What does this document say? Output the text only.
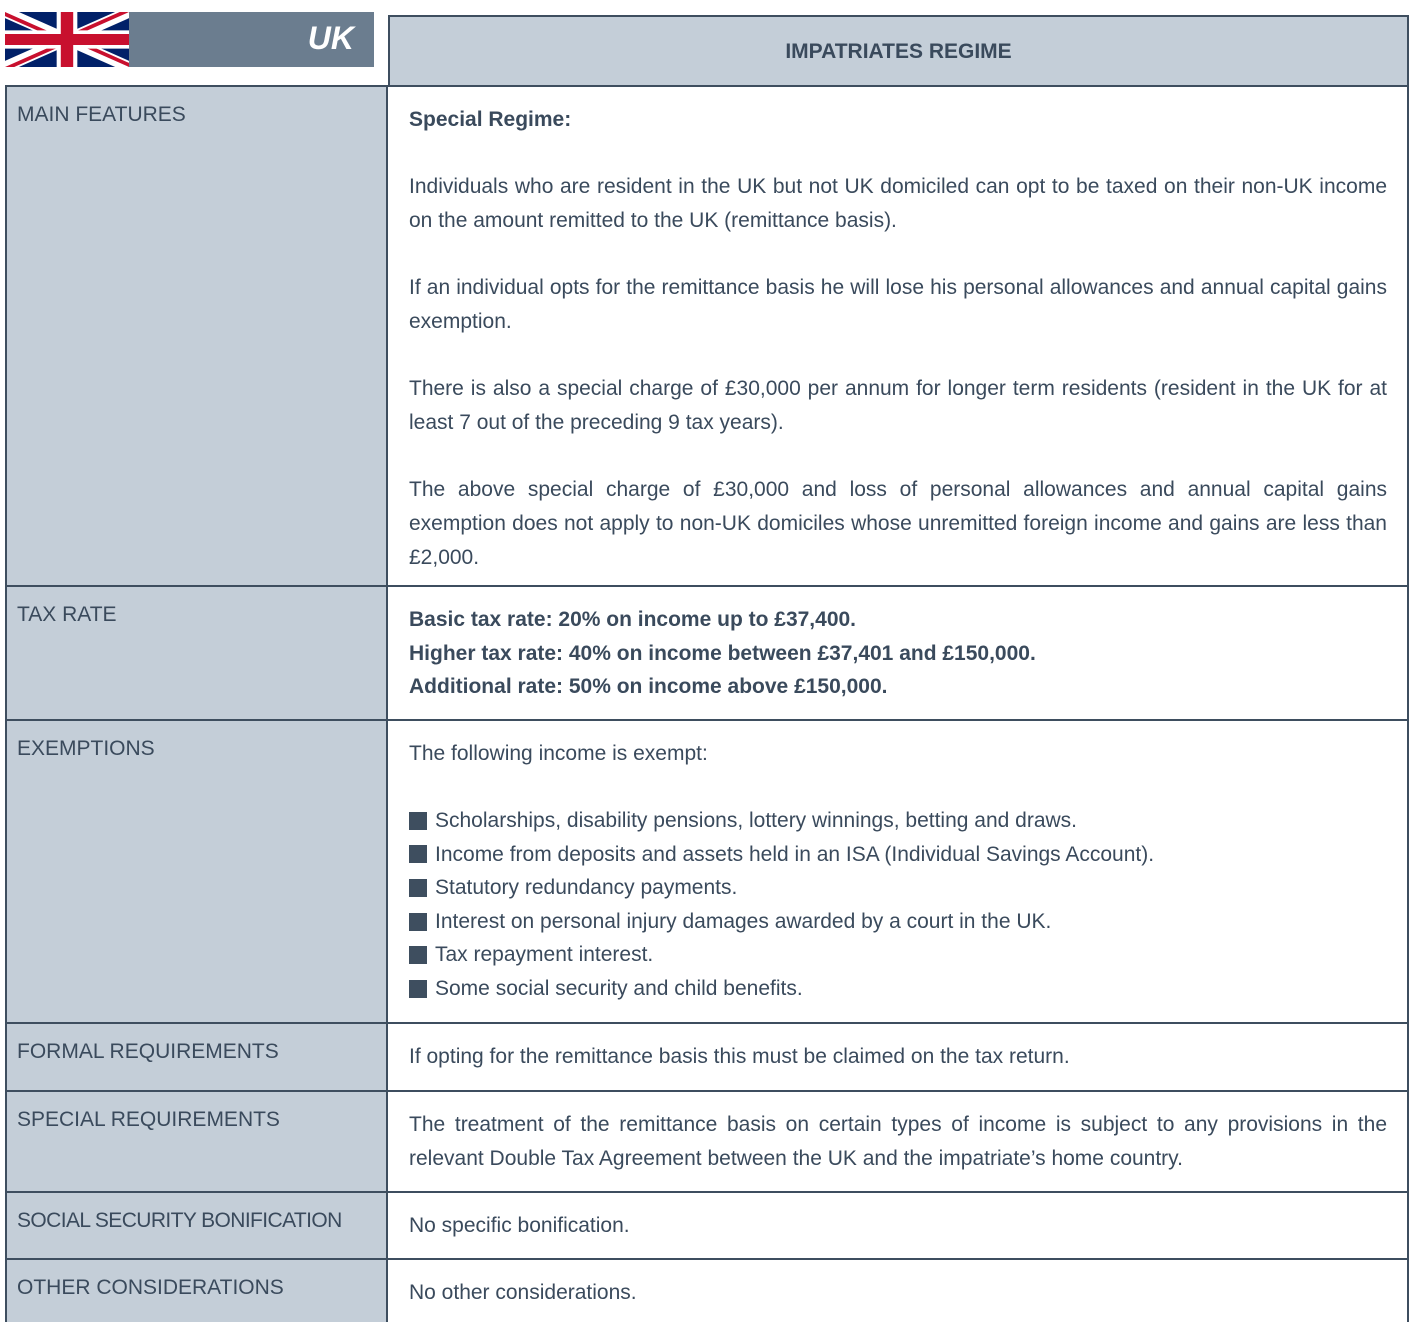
UK	IMPATRIATES REGIME
MAIN FEATURES	Special Regime:

Individuals who are resident in the UK but not UK domiciled can opt to be taxed on their non-UK income on the amount remitted to the UK (remittance basis).

If an individual opts for the remittance basis he will lose his personal allowances and annual capital gains exemption.

There is also a special charge of £30,000 per annum for longer term residents (resident in the UK for at least 7 out of the preceding 9 tax years).

The above special charge of £30,000 and loss of personal allowances and annual capital gains exemption does not apply to non-UK domiciles whose unremitted foreign income and gains are less than £2,000.

TAX RATE	Basic tax rate: 20% on income up to £37,400.
Higher tax rate: 40% on income between £37,401 and £150,000.
Additional rate: 50% on income above £150,000.
EXEMPTIONS	The following income is exempt:

Scholarships, disability pensions, lottery winnings, betting and draws.
Income from deposits and assets held in an ISA (Individual Savings Account).
Statutory redundancy payments.
Interest on personal injury damages awarded by a court in the UK.
Tax repayment interest.
Some social security and child benefits.
FORMAL REQUIREMENTS	If opting for the remittance basis this must be claimed on the tax return.
SPECIAL REQUIREMENTS	The treatment of the remittance basis on certain types of income is subject to any provisions in the relevant Double Tax Agreement between the UK and the impatriate’s home country.
SOCIAL SECURITY BONIFICATION	No specific bonification.
OTHER CONSIDERATIONS	No other considerations.
